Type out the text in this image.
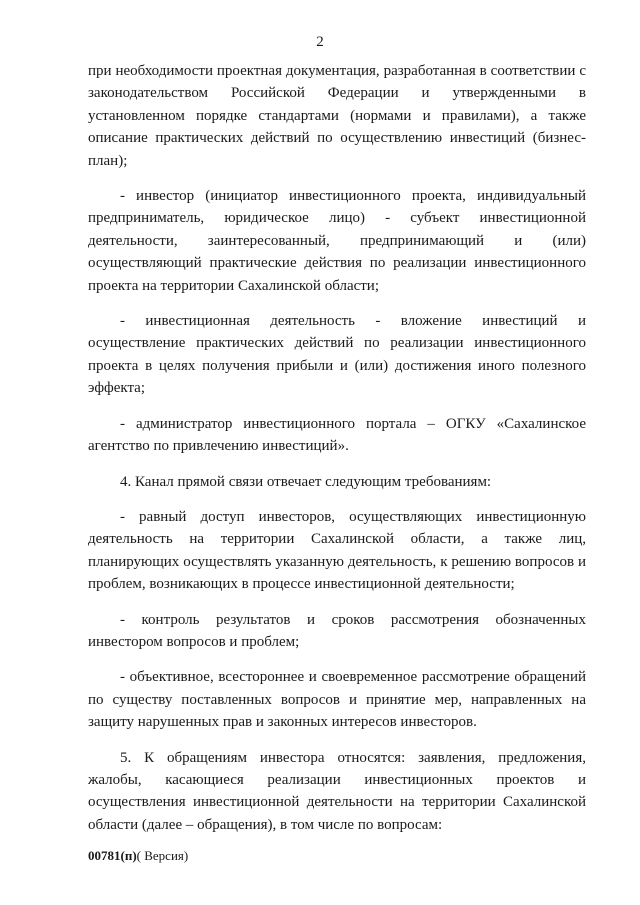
2

при необходимости проектная документация, разработанная в соответствии с законодательством Российской Федерации и утвержденными в установленном порядке стандартами (нормами и правилами), а также описание практических действий по осуществлению инвестиций (бизнес-план);

- инвестор (инициатор инвестиционного проекта, индивидуальный предприниматель, юридическое лицо) - субъект инвестиционной деятельности, заинтересованный, предпринимающий и (или) осуществляющий практические действия по реализации инвестиционного проекта на территории Сахалинской области;

- инвестиционная деятельность - вложение инвестиций и осуществление практических действий по реализации инвестиционного проекта в целях получения прибыли и (или) достижения иного полезного эффекта;

- администратор инвестиционного портала – ОГКУ «Сахалинское агентство по привлечению инвестиций».

4. Канал прямой связи отвечает следующим требованиям:

- равный доступ инвесторов, осуществляющих инвестиционную деятельность на территории Сахалинской области, а также лиц, планирующих осуществлять указанную деятельность, к решению вопросов и проблем, возникающих в процессе инвестиционной деятельности;

- контроль результатов и сроков рассмотрения обозначенных инвестором вопросов и проблем;

- объективное, всестороннее и своевременное рассмотрение обращений по существу поставленных вопросов и принятие мер, направленных на защиту нарушенных прав и законных интересов инвесторов.

5. К обращениям инвестора относятся: заявления, предложения, жалобы, касающиеся реализации инвестиционных проектов и осуществления инвестиционной деятельности на территории Сахалинской области (далее – обращения), в том числе по вопросам:

00781(п)( Версия)
